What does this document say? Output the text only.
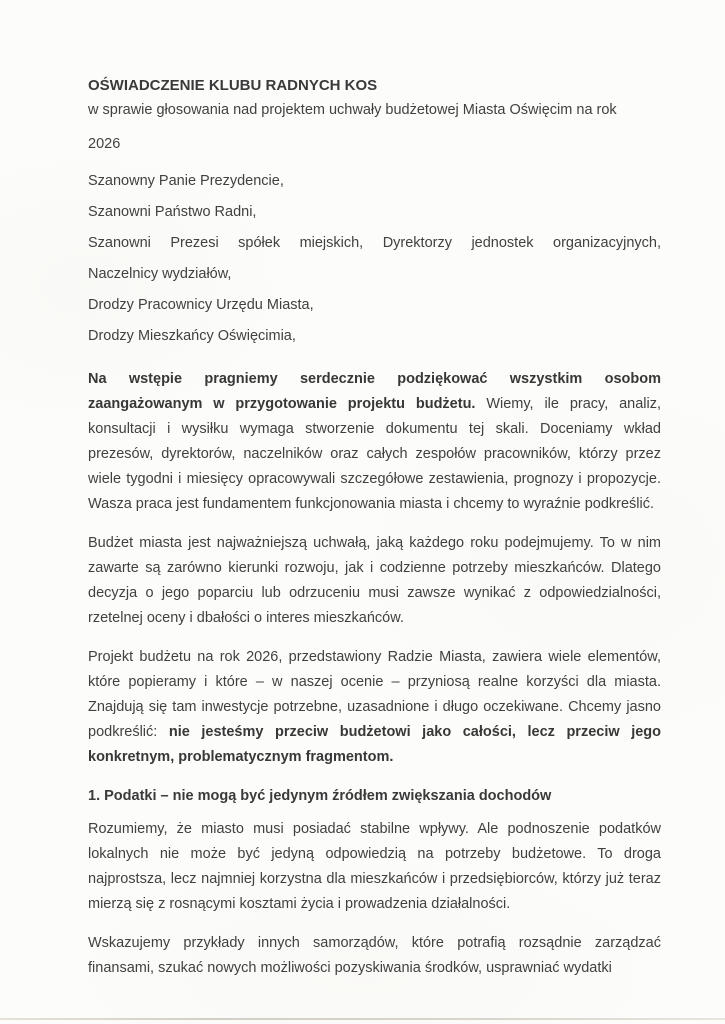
OŚWIADCZENIE KLUBU RADNYCH KOS
w sprawie głosowania nad projektem uchwały budżetowej Miasta Oświęcim na rok
2026
Szanowny Panie Prezydencie,
Szanowni Państwo Radni,
Szanowni Prezesi spółek miejskich, Dyrektorzy jednostek organizacyjnych,
Naczelnicy wydziałów,
Drodzy Pracownicy Urzędu Miasta,
Drodzy Mieszkańcy Oświęcimia,

Na wstępie pragniemy serdecznie podziękować wszystkim osobom zaangażowanym w przygotowanie projektu budżetu. Wiemy, ile pracy, analiz, konsultacji i wysiłku wymaga stworzenie dokumentu tej skali. Doceniamy wkład prezesów, dyrektorów, naczelników oraz całych zespołów pracowników, którzy przez wiele tygodni i miesięcy opracowywali szczegółowe zestawienia, prognozy i propozycje. Wasza praca jest fundamentem funkcjonowania miasta i chcemy to wyraźnie podkreślić.

Budżet miasta jest najważniejszą uchwałą, jaką każdego roku podejmujemy. To w nim zawarte są zarówno kierunki rozwoju, jak i codzienne potrzeby mieszkańców. Dlatego decyzja o jego poparciu lub odrzuceniu musi zawsze wynikać z odpowiedzialności, rzetelnej oceny i dbałości o interes mieszkańców.

Projekt budżetu na rok 2026, przedstawiony Radzie Miasta, zawiera wiele elementów, które popieramy i które – w naszej ocenie – przyniosą realne korzyści dla miasta. Znajdują się tam inwestycje potrzebne, uzasadnione i długo oczekiwane. Chcemy jasno podkreślić: nie jesteśmy przeciw budżetowi jako całości, lecz przeciw jego konkretnym, problematycznym fragmentom.

1. Podatki – nie mogą być jedynym źródłem zwiększania dochodów

Rozumiemy, że miasto musi posiadać stabilne wpływy. Ale podnoszenie podatków lokalnych nie może być jedyną odpowiedzią na potrzeby budżetowe. To droga najprostsza, lecz najmniej korzystna dla mieszkańców i przedsiębiorców, którzy już teraz mierzą się z rosnącymi kosztami życia i prowadzenia działalności.

Wskazujemy przykłady innych samorządów, które potrafią rozsądnie zarządzać finansami, szukać nowych możliwości pozyskiwania środków, usprawniać wydatki
